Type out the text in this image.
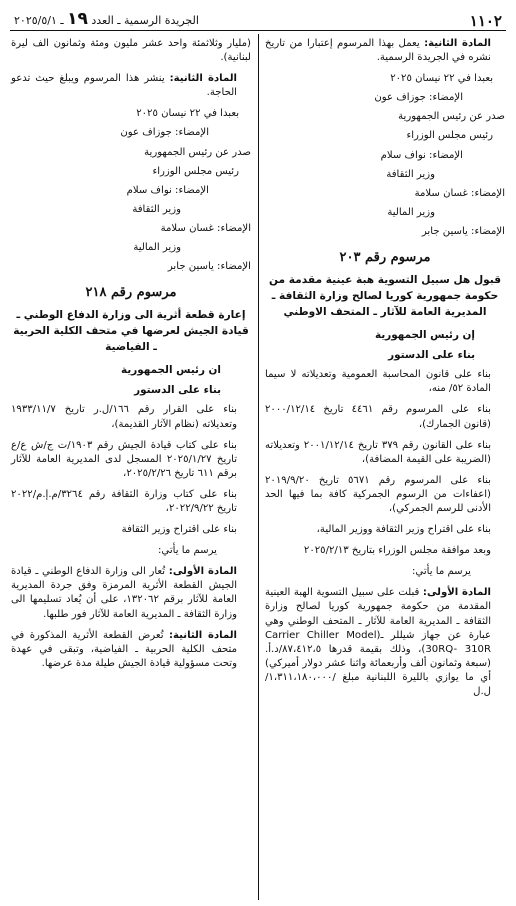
١١٠٢
الجريدة الرسمية ـ العدد ١٩ ـ ٢٠٢٥/٥/١

المادة الثانية: يعمل بهذا المرسوم إعتبارا من تاريخ نشره في الجريدة الرسمية.

بعبدا في ٢٢ نيسان ٢٠٢٥

الإمضاء: جوزاف عون

صدر عن رئيس الجمهورية

رئيس مجلس الوزراء

الإمضاء: نواف سلام

وزير الثقافة

الإمضاء: غسان سلامة

وزير المالية

الإمضاء: ياسين جابر

مرسوم رقم ٢٠٣
قبول هل سبيل التسوية هبة عينية مقدمة من حكومة جمهورية كوريا لصالح وزارة الثقافة ـ المديرية العامة للآثار ـ المتحف الاوطني

إن رئيس الجمهورية

بناء على الدستور

بناء على قانون المحاسبة العمومية وتعديلاته لا سيما المادة ٥٢/ منه،

بناء على المرسوم رقم ٤٤٦١ تاريخ ٢٠٠٠/١٢/١٤ (قانون الجمارك)،

بناء على القانون رقم ٣٧٩ تاريخ ٢٠٠١/١٢/١٤ وتعديلاته (الضريبة على القيمة المضافة)،

بناء على المرسوم رقم ٥٦٧١ تاريخ ٢٠١٩/٩/٢٠ (اعفاءات من الرسوم الجمركية كافة بما فيها الحد الأدنى للرسم الجمركي)،

بناء على اقتراح وزير الثقافة ووزير المالية،

وبعد موافقة مجلس الوزراء بتاريخ ٢٠٢٥/٢/١٣

يرسم ما يأتي:

المادة الأولى: قبلت على سبيل التسوية الهبة العينية المقدمة من حكومة جمهورية كوريا لصالح وزارة الثقافة ـ المديرية العامة للآثار ـ المتحف الوطني وهي عبارة عن جهاز شيللر ـ(Carrier Chiller Model 30RQ- 310R)، وذلك بقيمة قدرها ٨٧،٤١٢،٥/د.أ. (سبعة وثمانون ألف وأربعمائة واثنا عشر دولار أميركي) أي ما يوازي بالليرة اللبنانية مبلغ /١،٣١١،١٨٠،٠٠٠/ ل.ل

(مليار وثلاثمئة واحد عشر مليون ومئة وثمانون الف ليرة لبنانية).

المادة الثانية: ينشر هذا المرسوم ويبلغ حيث تدعو الحاجة.

بعبدا في ٢٢ نيسان ٢٠٢٥

الإمضاء: جوزاف عون

صدر عن رئيس الجمهورية

رئيس مجلس الوزراء

الإمضاء: نواف سلام

وزير الثقافة

الإمضاء: غسان سلامة

وزير المالية

الإمضاء: ياسين جابر

مرسوم رقم ٢١٨
إعارة قطعة أثرية الى وزارة الدفاع الوطني ـ قيادة الجيش لعرضها في متحف الكلية الحربية ـ الفياضية

ان رئيس الجمهورية

بناء على الدستور

بناء على القرار رقم ١٦٦/ل.ر تاريخ ١٩٣٣/١١/٧ وتعديلاته (نظام الآثار القديمة)،

بناء على كتاب قيادة الجيش رقم ١٩٠٣/ت ج/ش ع/ع تاريخ ٢٠٢٥/١/٢٧ المسجل لدى المديرية العامة للآثار برقم ٦١١ تاريخ ٢٠٢٥/٢/٢٦،

بناء على كتاب وزارة الثقافة رقم ٣٢٦٤/م.إ.م/٢٠٢٢ تاريخ ٢٠٢٢/٩/٢٢،

بناء على اقتراح وزير الثقافة

يرسم ما يأتي:

المادة الأولى: تُعار الى وزارة الدفاع الوطني ـ قيادة الجيش القطعة الأثرية المرمزة وفق جردة المديرية العامة للآثار برقم ١٣٢٠٦٢، على أن يُعاد تسليمها الى وزارة الثقافة ـ المديرية العامة للآثار فور طلبها.

المادة الثانية: تُعرض القطعة الأثرية المذكورة في متحف الكلية الحربية ـ الفياضية، وتبقى في عهدة وتحت مسؤولية قيادة الجيش طيلة مدة عرضها.
